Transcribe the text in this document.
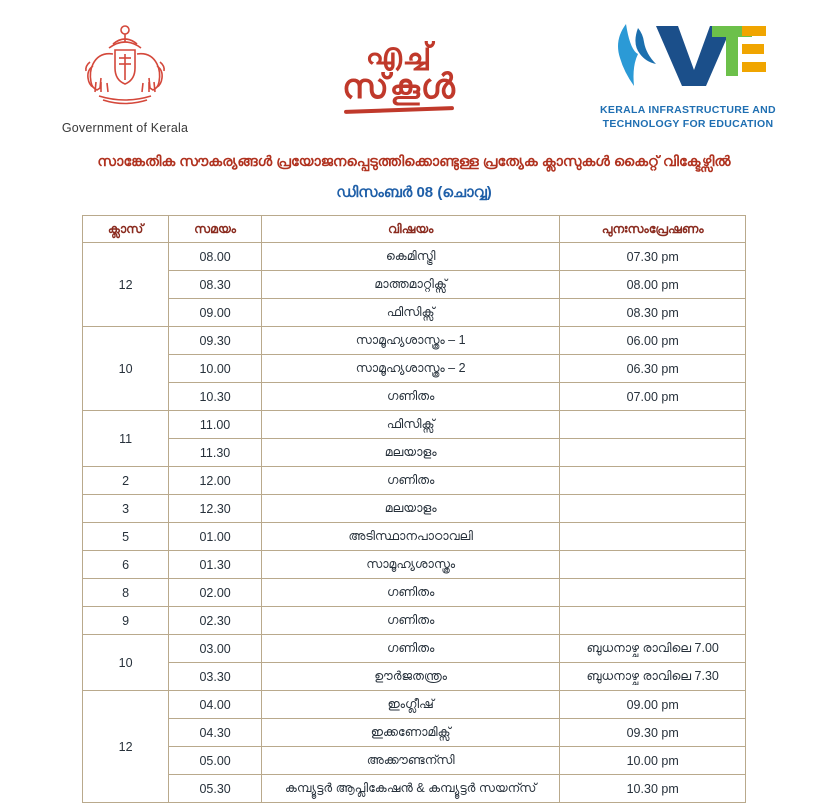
Government of Kerala
എച്ച്
സ്‌കൂൾ
KERALA INFRASTRUCTURE AND
TECHNOLOGY FOR EDUCATION
സാങ്കേതിക സൗകര്യങ്ങൾ പ്രയോജനപ്പെടുത്തിക്കൊണ്ടുള്ള പ്രത്യേക ക്ലാസുകൾ കൈറ്റ് വിക്ടേഴ്സിൽ
ഡിസംബർ 08 (ചൊവ്വ)
ക്ലാസ്	സമയം	വിഷയം	പുനഃസംപ്രേഷണം
12	08.00	കെമിസ്ട്രി	07.30 pm
	08.30	മാത്തമാറ്റിക്സ്	08.00 pm
	09.00	ഫിസിക്സ്	08.30 pm
10	09.30	സാമൂഹ്യശാസ്ത്രം – 1	06.00 pm
	10.00	സാമൂഹ്യശാസ്ത്രം – 2	06.30 pm
	10.30	ഗണിതം	07.00 pm
11	11.00	ഫിസിക്സ്	
	11.30	മലയാളം	
2	12.00	ഗണിതം	
3	12.30	മലയാളം	
5	01.00	അടിസ്ഥാനപാഠാവലി	
6	01.30	സാമൂഹ്യശാസ്ത്രം	
8	02.00	ഗണിതം	
9	02.30	ഗണിതം	
10	03.00	ഗണിതം	ബുധനാഴ്ച രാവിലെ 7.00
	03.30	ഊർജതന്ത്രം	ബുധനാഴ്ച രാവിലെ 7.30
12	04.00	ഇംഗ്ലീഷ്	09.00 pm
	04.30	ഇക്കണോമിക്സ്	09.30 pm
	05.00	അക്കൗണ്ടന്സി	10.00 pm
	05.30	കമ്പ്യൂട്ടർ ആപ്ലികേഷൻ & കമ്പ്യൂട്ടർ സയന്സ്	10.30 pm
